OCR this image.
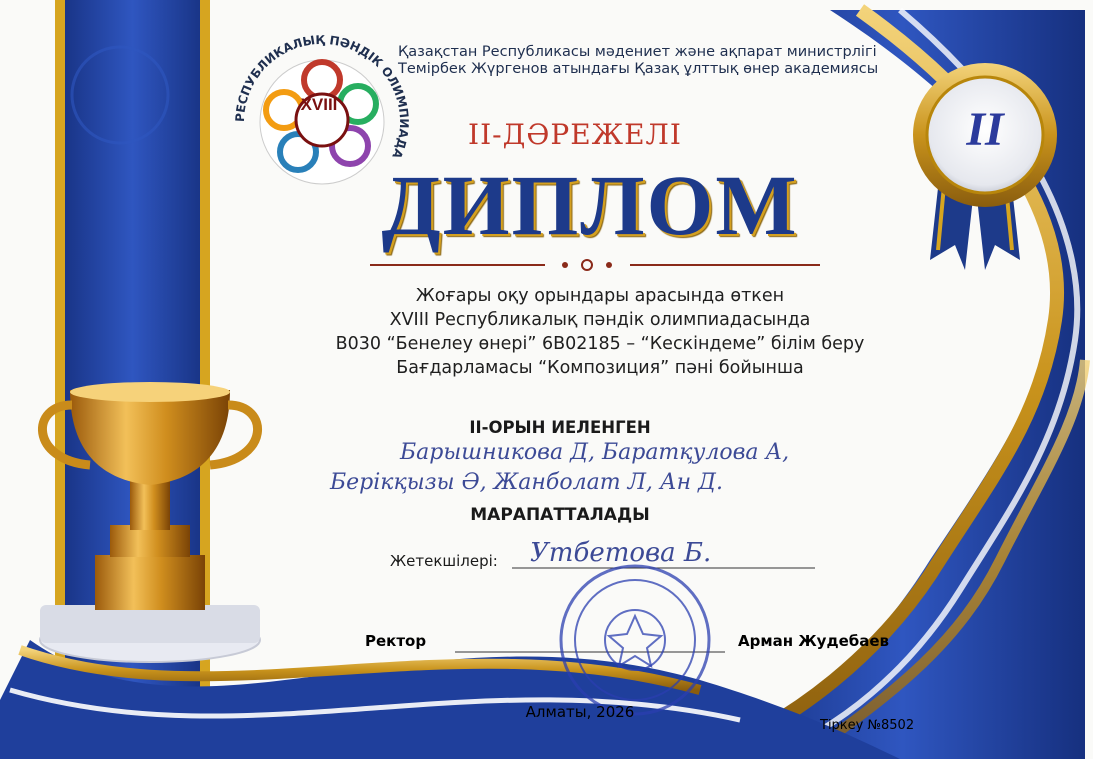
РЕСПУБЛИКАЛЫҚ ПӘНДІК ОЛИМПИАДА
XVIII
Қазақстан Республикасы мәдениет және ақпарат министрлігі
Темірбек Жүргенов атындағы Қазақ ұлттық өнер академиясы
ІІ-ДӘРЕЖЕЛІ
ДИПЛОМ
II
Жоғары оқу орындары арасында өткен
XVIII Республикалық пәндік олимпиадасында
В030 “Бенелеу өнері” 6В02185 – “Кескіндеме” білім беру
Бағдарламасы “Композиция” пәні бойынша
ІІ-ОРЫН ИЕЛЕНГЕН
Барышникова Д, Баратқулова А,
Берікқызы Ә, Жанболат Л, Ан Д.
МАРАПАТТАЛАДЫ
Жетекшілері: Утбетова Б.
Ректор	Арман Жудебаев
Алматы, 2026
Тіркеу №8502
